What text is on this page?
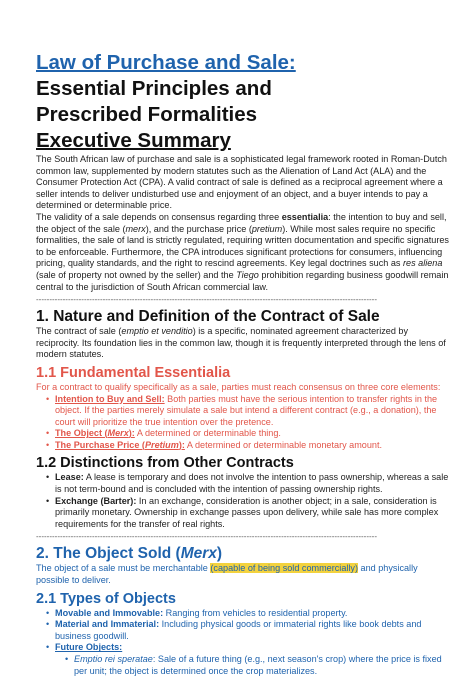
Law of Purchase and Sale:
Essential Principles and
Prescribed Formalities
Executive Summary

The South African law of purchase and sale is a sophisticated legal framework rooted in Roman-Dutch common law, supplemented by modern statutes such as the Alienation of Land Act (ALA) and the Consumer Protection Act (CPA). A valid contract of sale is defined as a reciprocal agreement where a seller intends to deliver undisturbed use and enjoyment of an object, and a buyer intends to pay a determined or determinable price.

The validity of a sale depends on consensus regarding three essentialia: the intention to buy and sell, the object of the sale (merx), and the purchase price (pretium). While most sales require no specific formalities, the sale of land is strictly regulated, requiring written documentation and specific signatures to be enforceable. Furthermore, the CPA introduces significant protections for consumers, influencing pricing, quality standards, and the right to rescind agreements. Key legal doctrines such as res aliena (sale of property not owned by the seller) and the Tiego prohibition regarding business goodwill remain central to the jurisdiction of South African commercial law.

--------------------------------------------------------------------------------------------------------------------------------
1. Nature and Definition of the Contract of Sale

The contract of sale (emptio et venditio) is a specific, nominated agreement characterized by reciprocity. Its foundation lies in the common law, though it is frequently interpreted through the lens of modern statutes.

1.1 Fundamental Essentialia

For a contract to qualify specifically as a sale, parties must reach consensus on three core elements:

• Intention to Buy and Sell: Both parties must have the serious intention to transfer rights in the object. If the parties merely simulate a sale but intend a different contract (e.g., a donation), the court will prioritize the true intention over the pretence.
• The Object (Merx): A determined or determinable thing.
• The Purchase Price (Pretium): A determined or determinable monetary amount.
1.2 Distinctions from Other Contracts
• Lease: A lease is temporary and does not involve the intention to pass ownership, whereas a sale is not term-bound and is concluded with the intention of passing ownership rights.
• Exchange (Barter): In an exchange, consideration is another object; in a sale, consideration is primarily monetary. Ownership in exchange passes upon delivery, while sale has more complex requirements for the transfer of real rights.
--------------------------------------------------------------------------------------------------------------------------------
2. The Object Sold (Merx)

The object of a sale must be merchantable (capable of being sold commercially) and physically possible to deliver.

2.1 Types of Objects
• Movable and Immovable: Ranging from vehicles to residential property.
• Material and Immaterial: Including physical goods or immaterial rights like book debts and business goodwill.
• Future Objects:
• Emptio rei speratae: Sale of a future thing (e.g., next season's crop) where the price is fixed per unit; the object is determined once the crop materializes.
